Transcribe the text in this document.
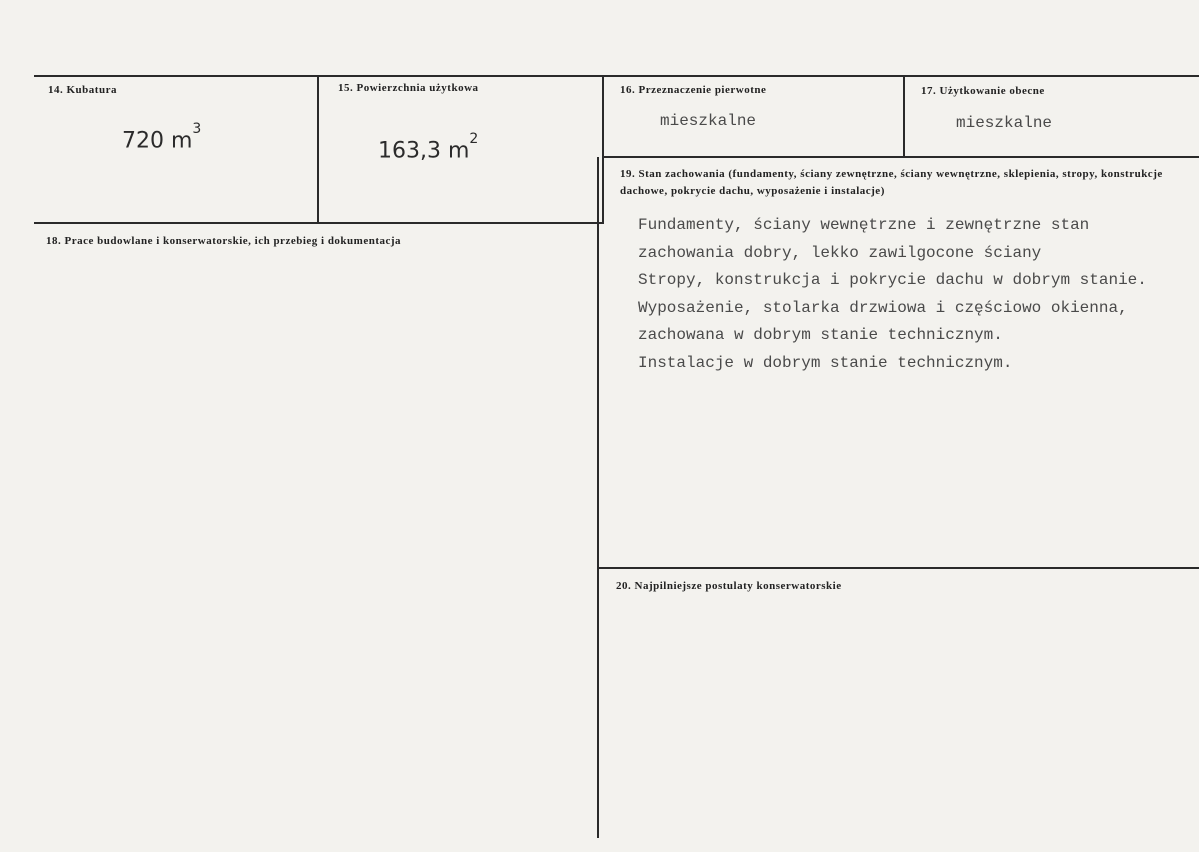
14. Kubatura
720 $m^3$
15. Powierzchnia użytkowa
163,3 $m^2$
16. Przeznaczenie pierwotne
mieszkalne
17. Użytkowanie obecne
mieszkalne
18. Prace budowlane i konserwatorskie, ich przebieg i dokumentacja
19. Stan zachowania (fundamenty, ściany zewnętrzne, ściany wewnętrzne, sklepienia, stropy, konstrukcje dachowe, pokrycie dachu, wyposażenie i instalacje)
Fundamenty, ściany wewnętrzne i zewnętrzne stan
zachowania dobry, lekko zawilgocone ściany
Stropy, konstrukcja i pokrycie dachu w dobrym stanie.
Wyposażenie, stolarka drzwiowa i częściowo okienna,
zachowana w dobrym stanie technicznym.
Instalacje w dobrym stanie technicznym.
20. Najpilniejsze postulaty konserwatorskie
